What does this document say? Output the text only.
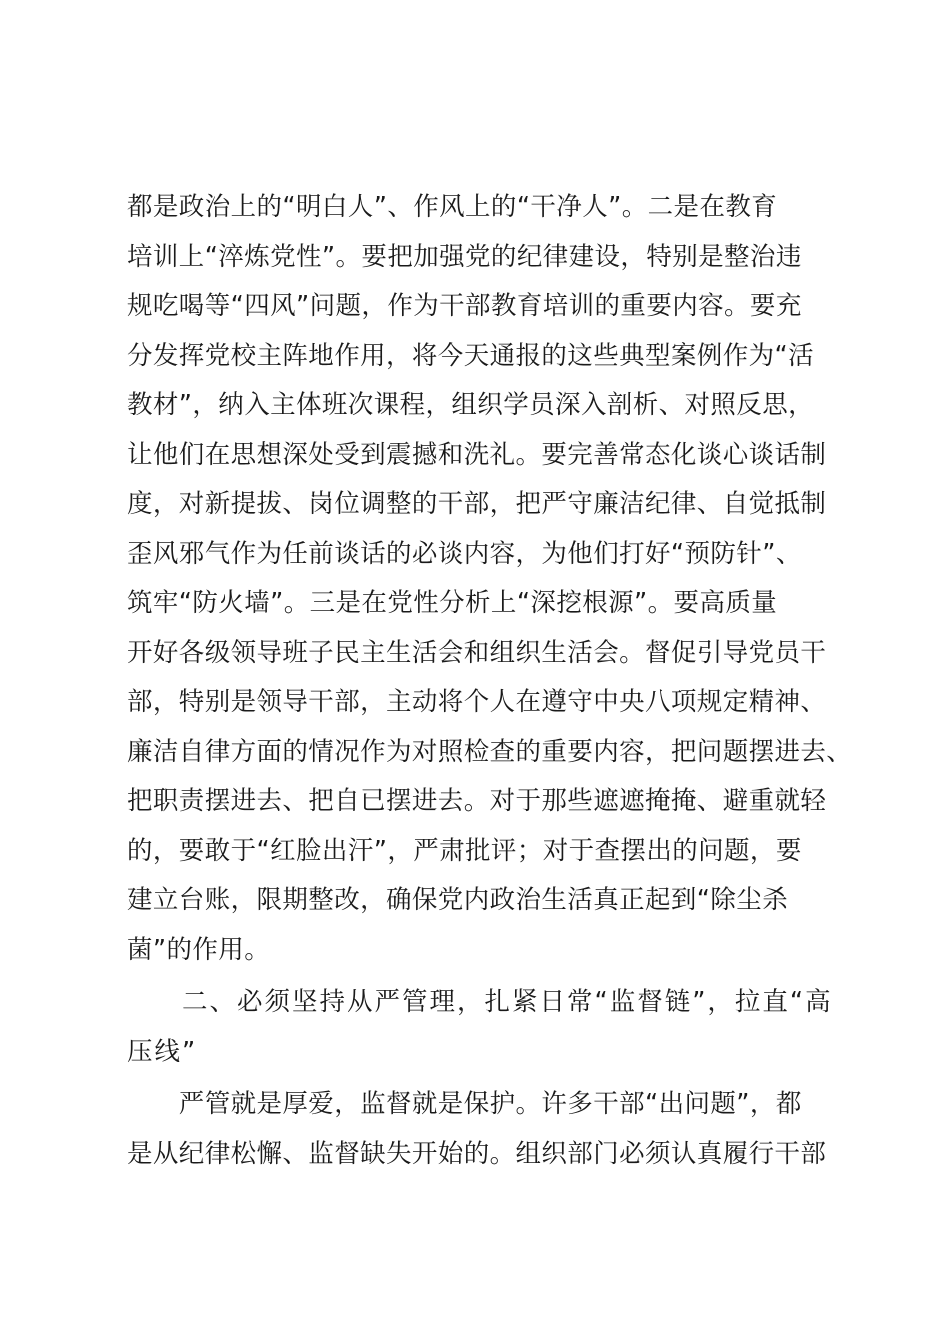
都是政治上的“明白人”、作风上的“干净人”。二是在教育
培训上“淬炼党性”。要把加强党的纪律建设，特别是整治违
规吃喝等“四风”问题，作为干部教育培训的重要内容。要充
分发挥党校主阵地作用，将今天通报的这些典型案例作为“活
教材”，纳入主体班次课程，组织学员深入剖析、对照反思，
让他们在思想深处受到震撼和洗礼。要完善常态化谈心谈话制
度，对新提拔、岗位调整的干部，把严守廉洁纪律、自觉抵制
歪风邪气作为任前谈话的必谈内容，为他们打好“预防针”、
筑牢“防火墙”。三是在党性分析上“深挖根源”。要高质量
开好各级领导班子民主生活会和组织生活会。督促引导党员干
部，特别是领导干部，主动将个人在遵守中央八项规定精神、
廉洁自律方面的情况作为对照检查的重要内容，把问题摆进去、
把职责摆进去、把自已摆进去。对于那些遮遮掩掩、避重就轻
的，要敢于“红脸出汗”，严肃批评；对于查摆出的问题，要
建立台账，限期整改，确保党内政治生活真正起到“除尘杀
菌”的作用。
　　二、必须坚持从严管理，扎紧日常“监督链”，拉直“高
压线”
　　严管就是厚爱，监督就是保护。许多干部“出问题”，都
是从纪律松懈、监督缺失开始的。组织部门必须认真履行干部
